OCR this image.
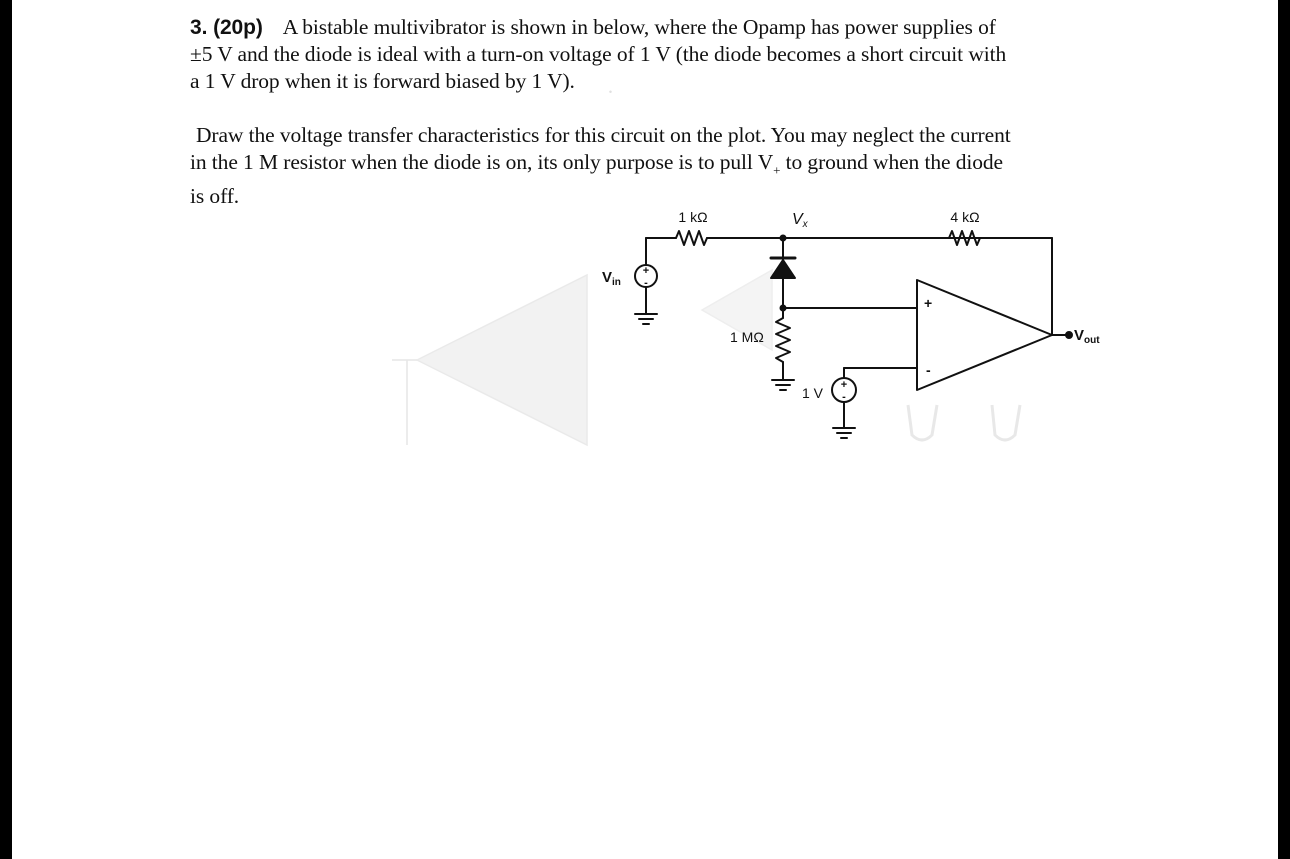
·
3. (20p) A bistable multivibrator is shown in below, where the Opamp has power supplies of
±5 V and the diode is ideal with a turn-on voltage of 1 V (the diode becomes a short circuit with
a 1 V drop when it is forward biased by 1 V).
Draw the voltage transfer characteristics for this circuit on the plot. You may neglect the current
in the 1 M resistor when the diode is on, its only purpose is to pull $V_+$ to ground when the diode
is off.
+
-
+
-
1 kΩ	4 kΩ
1 MΩ
1 V
$V_{in}$
$V_{out}$
Vx
+
-
